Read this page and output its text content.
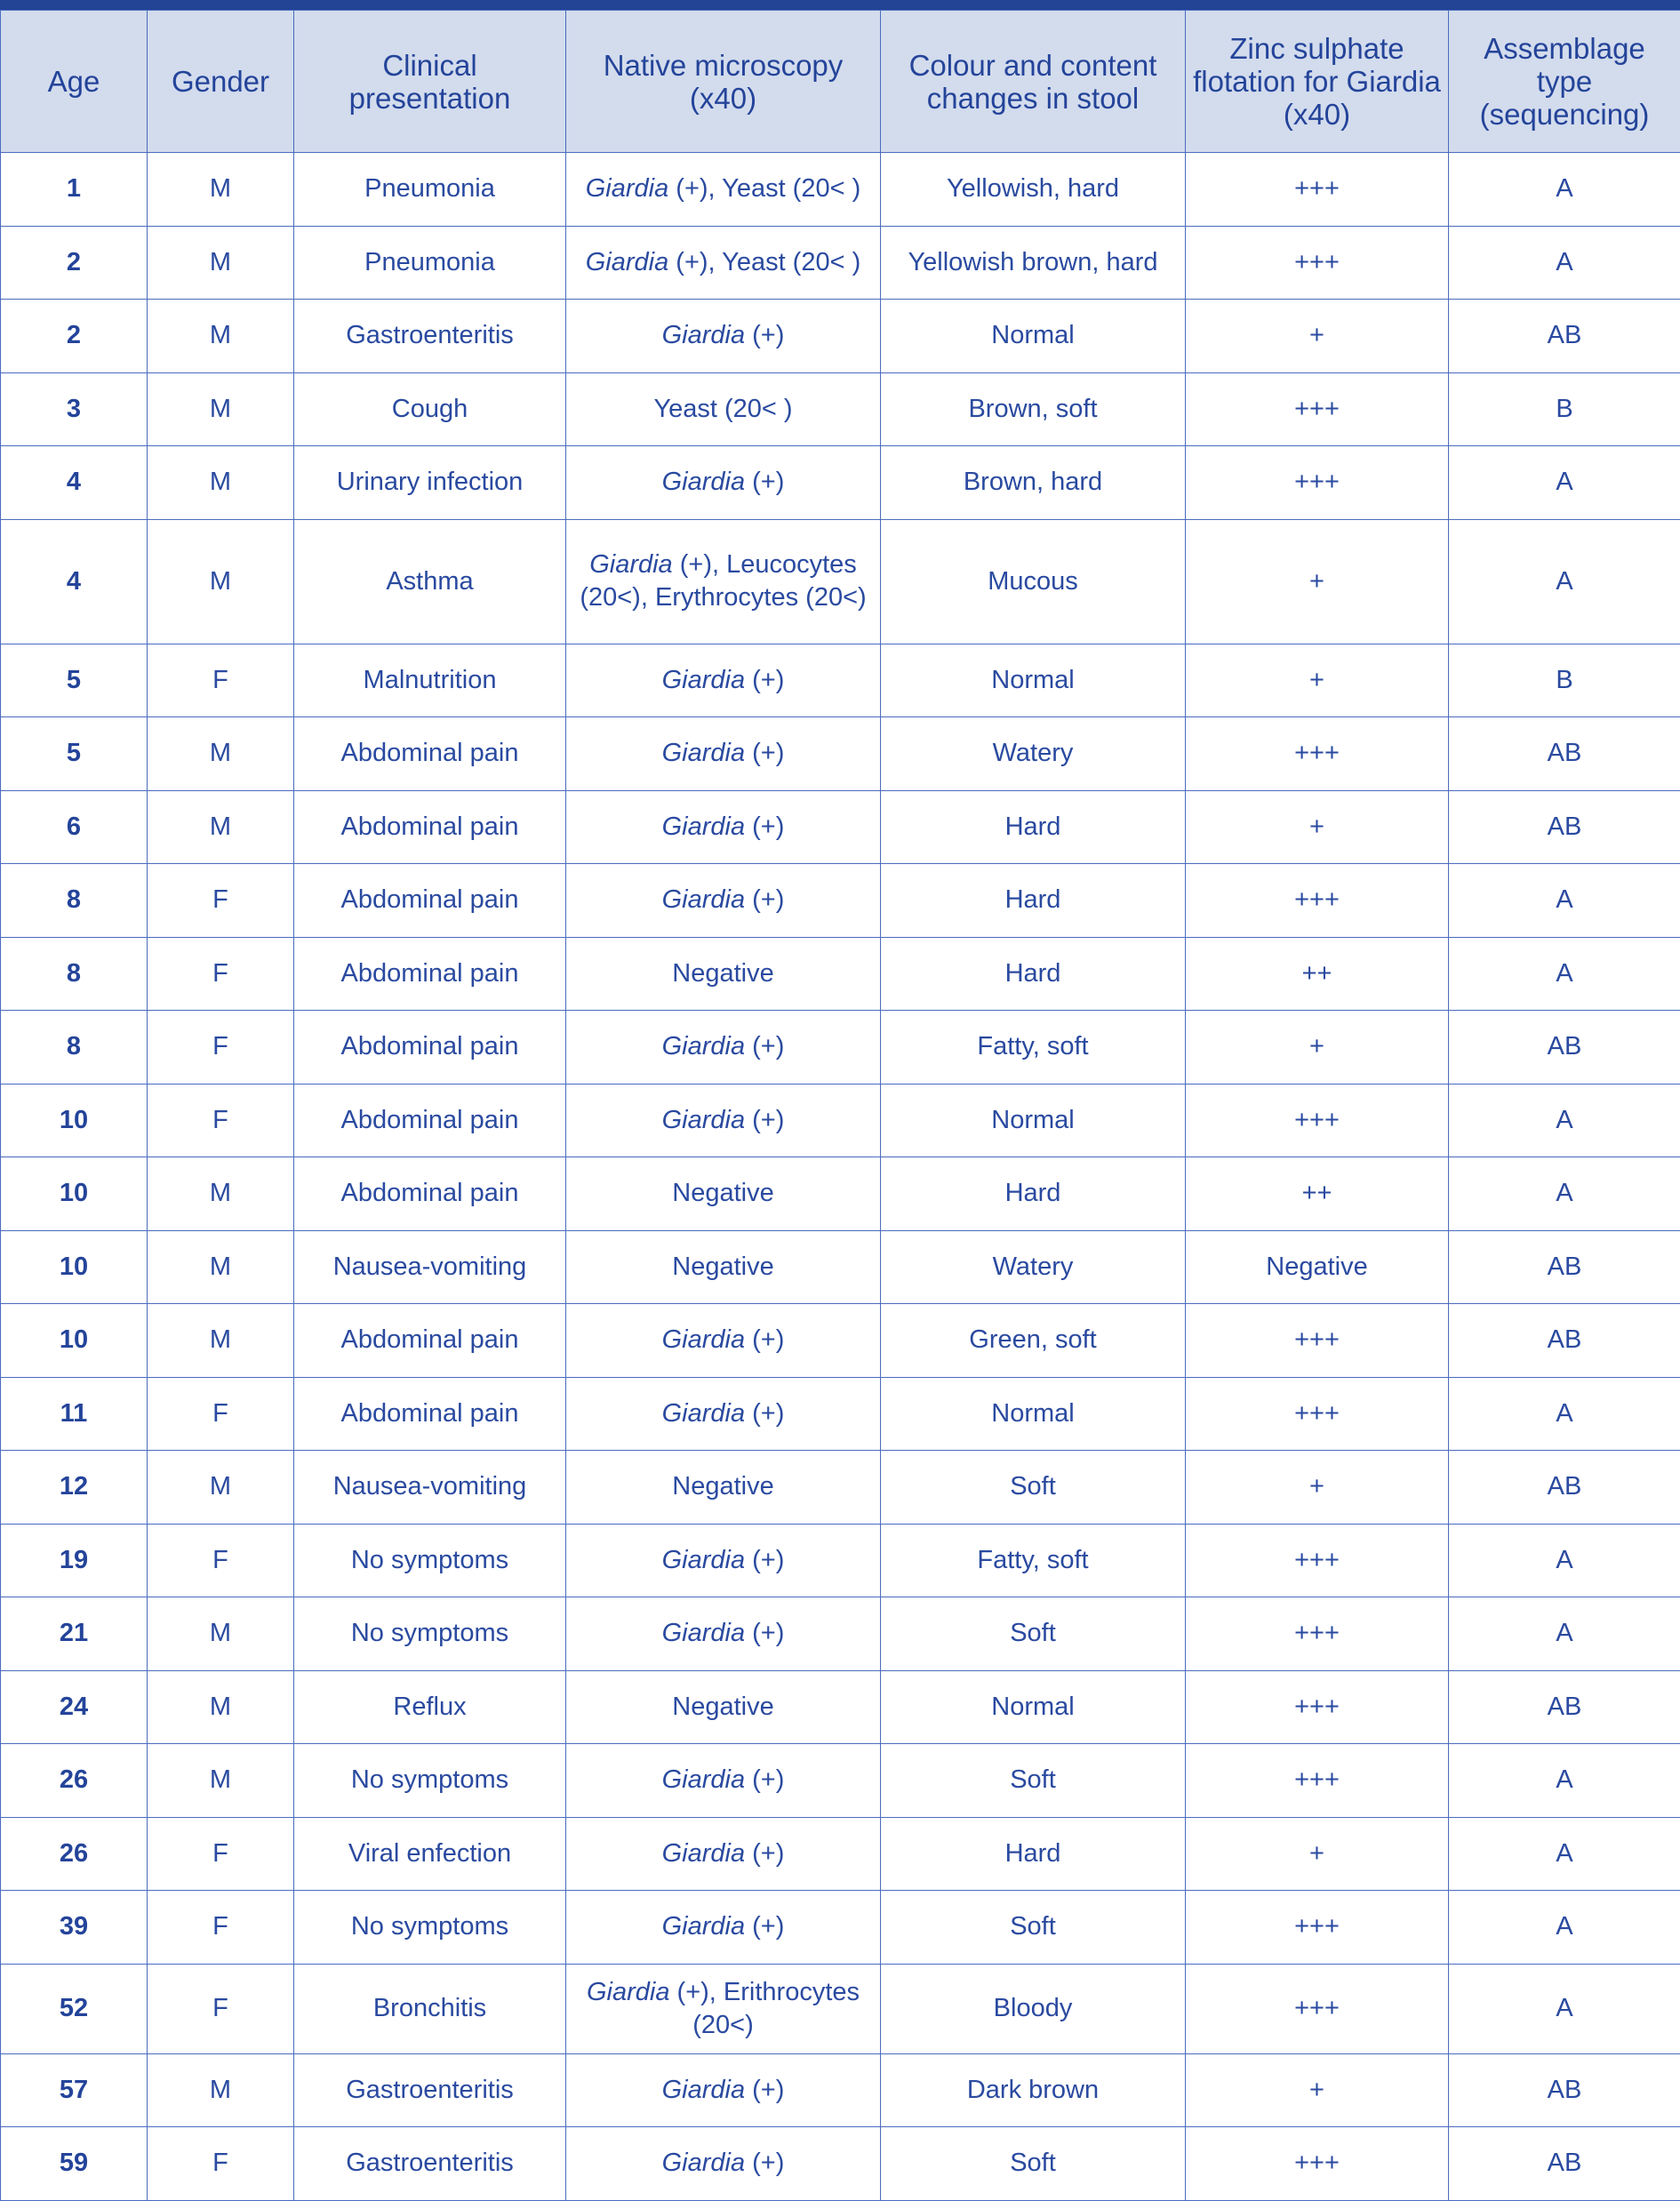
Age	Gender	Clinical presentation	Native microscopy (x40)	Colour and content changes in stool	Zinc sulphate flotation for Giardia (x40)	Assemblage type (sequencing)
1	M	Pneumonia	Giardia (+), Yeast (20< )	Yellowish, hard	+++	A
2	M	Pneumonia	Giardia (+), Yeast (20< )	Yellowish brown, hard	+++	A
2	M	Gastroenteritis	Giardia (+)	Normal	+	AB
3	M	Cough	Yeast (20< )	Brown, soft	+++	B
4	M	Urinary infection	Giardia (+)	Brown, hard	+++	A
4	M	Asthma	Giardia (+), Leucocytes (20<), Erythrocytes (20<)	Mucous	+	A
5	F	Malnutrition	Giardia (+)	Normal	+	B
5	M	Abdominal pain	Giardia (+)	Watery	+++	AB
6	M	Abdominal pain	Giardia (+)	Hard	+	AB
8	F	Abdominal pain	Giardia (+)	Hard	+++	A
8	F	Abdominal pain	Negative	Hard	++	A
8	F	Abdominal pain	Giardia (+)	Fatty, soft	+	AB
10	F	Abdominal pain	Giardia (+)	Normal	+++	A
10	M	Abdominal pain	Negative	Hard	++	A
10	M	Nausea-vomiting	Negative	Watery	Negative	AB
10	M	Abdominal pain	Giardia (+)	Green, soft	+++	AB
11	F	Abdominal pain	Giardia (+)	Normal	+++	A
12	M	Nausea-vomiting	Negative	Soft	+	AB
19	F	No symptoms	Giardia (+)	Fatty, soft	+++	A
21	M	No symptoms	Giardia (+)	Soft	+++	A
24	M	Reflux	Negative	Normal	+++	AB
26	M	No symptoms	Giardia (+)	Soft	+++	A
26	F	Viral enfection	Giardia (+)	Hard	+	A
39	F	No symptoms	Giardia (+)	Soft	+++	A
52	F	Bronchitis	Giardia (+), Erithrocytes (20<)	Bloody	+++	A
57	M	Gastroenteritis	Giardia (+)	Dark brown	+	AB
59	F	Gastroenteritis	Giardia (+)	Soft	+++	AB
